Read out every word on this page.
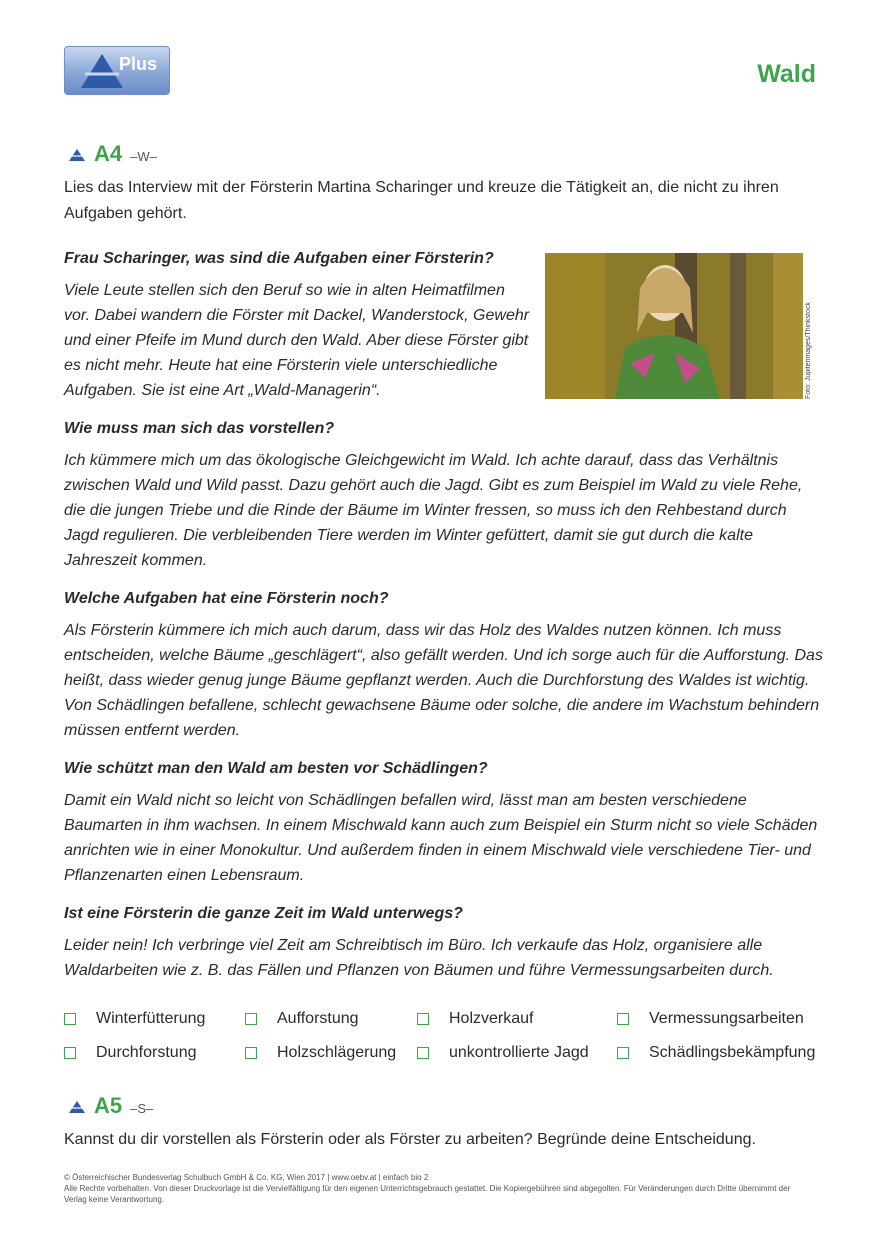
Plus	Wald
A4 –W–
Lies das Interview mit der Försterin Martina Scharinger und kreuze die Tätigkeit an, die nicht zu ihren Aufgaben gehört.
Foto: Jupiterimages/Thinkstock

Frau Scharinger, was sind die Aufgaben einer Försterin?

Viele Leute stellen sich den Beruf so wie in alten Heimatfilmen vor. Dabei wandern die Förster mit Dackel, Wanderstock, Gewehr und einer Pfeife im Mund durch den Wald. Aber diese Förster gibt es nicht mehr. Heute hat eine Försterin viele unterschiedliche Aufgaben. Sie ist eine Art „Wald-Managerin“.

Wie muss man sich das vorstellen?

Ich kümmere mich um das ökologische Gleichgewicht im Wald. Ich achte darauf, dass das Verhältnis zwischen Wald und Wild passt. Dazu gehört auch die Jagd. Gibt es zum Beispiel im Wald zu viele Rehe, die die jungen Triebe und die Rinde der Bäume im Winter fressen, so muss ich den Rehbestand durch Jagd regulieren. Die verbleibenden Tiere werden im Winter gefüttert, damit sie gut durch die kalte Jahreszeit kommen.

Welche Aufgaben hat eine Försterin noch?

Als Försterin kümmere ich mich auch darum, dass wir das Holz des Waldes nutzen können. Ich muss entscheiden, welche Bäume „geschlägert“, also gefällt werden. Und ich sorge auch für die Aufforstung. Das heißt, dass wieder genug junge Bäume gepflanzt werden. Auch die Durchforstung des Waldes ist wichtig. Von Schädlingen befallene, schlecht gewachsene Bäume oder solche, die andere im Wachstum behindern müssen entfernt werden.

Wie schützt man den Wald am besten vor Schädlingen?

Damit ein Wald nicht so leicht von Schädlingen befallen wird, lässt man am besten verschiedene Baumarten in ihm wachsen. In einem Mischwald kann auch zum Beispiel ein Sturm nicht so viele Schäden anrichten wie in einer Monokultur. Und außerdem finden in einem Mischwald viele verschiedene Tier- und Pflanzenarten einen Lebensraum.

Ist eine Försterin die ganze Zeit im Wald unterwegs?

Leider nein! Ich verbringe viel Zeit am Schreibtisch im Büro. Ich verkaufe das Holz, organisiere alle Waldarbeiten wie z. B. das Fällen und Pflanzen von Bäumen und führe Vermessungsarbeiten durch.

Winterfütterung	Aufforstung	Holzverkauf	Vermessungsarbeiten
Durchforstung	Holzschlägerung	unkontrollierte Jagd	Schädlingsbekämpfung
A5 –S–
Kannst du dir vorstellen als Försterin oder als Förster zu arbeiten? Begründe deine Entscheidung.
© Österreichischer Bundesverlag Schulbuch GmbH & Co. KG, Wien 2017 | www.oebv.at | einfach bio 2
Alle Rechte vorbehalten. Von dieser Druckvorlage ist die Vervielfältigung für den eigenen Unterrichtsgebrauch gestattet. Die Kopiergebühren sind abgegolten. Für Veränderungen durch Dritte übernimmt der Verlag keine Verantwortung.
